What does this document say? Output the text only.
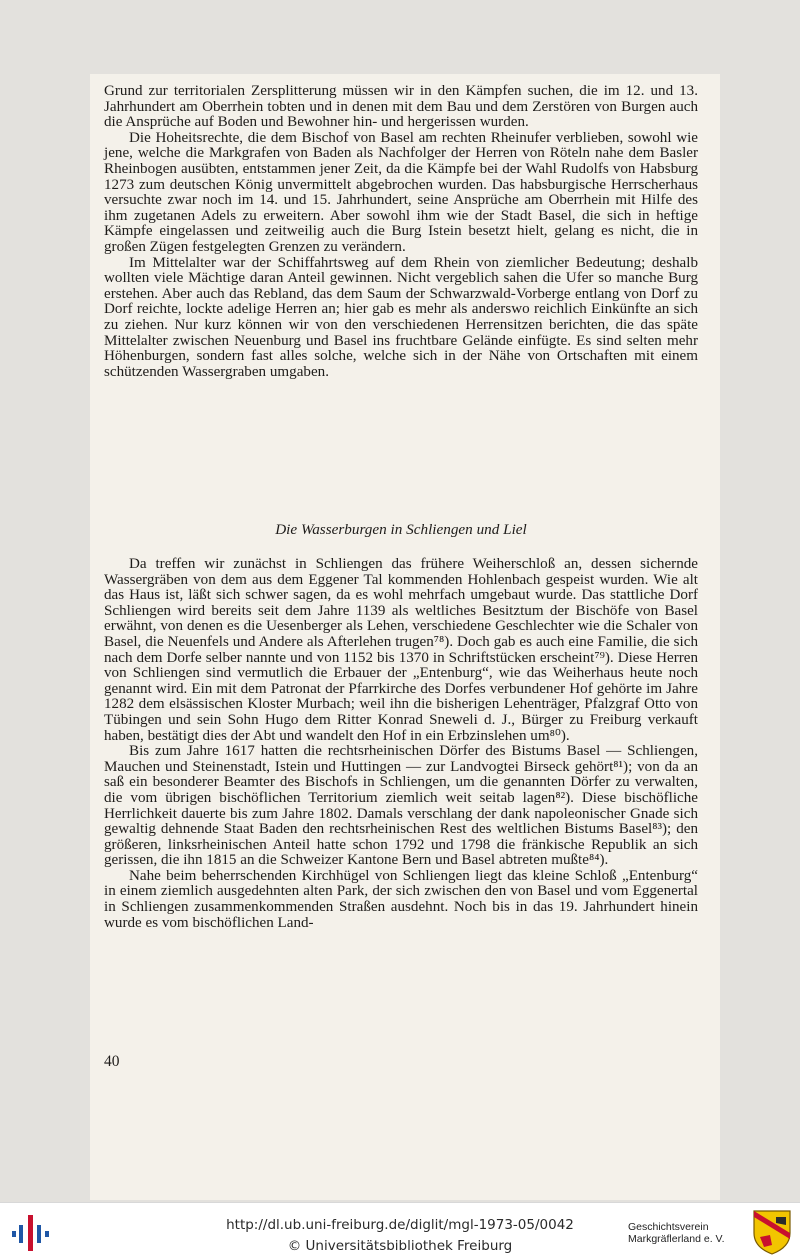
Grund zur territorialen Zersplitterung müssen wir in den Kämpfen suchen, die im 12. und 13. Jahrhundert am Oberrhein tobten und in denen mit dem Bau und dem Zerstören von Burgen auch die Ansprüche auf Boden und Bewohner hin- und hergerissen wurden.

Die Hoheitsrechte, die dem Bischof von Basel am rechten Rheinufer verblieben, sowohl wie jene, welche die Markgrafen von Baden als Nachfolger der Herren von Röteln nahe dem Basler Rheinbogen ausübten, entstammen jener Zeit, da die Kämpfe bei der Wahl Rudolfs von Habsburg 1273 zum deutschen König unvermittelt abgebrochen wurden. Das habsburgische Herrscherhaus versuchte zwar noch im 14. und 15. Jahrhundert, seine Ansprüche am Oberrhein mit Hilfe des ihm zugetanen Adels zu erweitern. Aber sowohl ihm wie der Stadt Basel, die sich in heftige Kämpfe eingelassen und zeitweilig auch die Burg Istein besetzt hielt, gelang es nicht, die in großen Zügen festgelegten Grenzen zu verändern.

Im Mittelalter war der Schiffahrtsweg auf dem Rhein von ziemlicher Bedeutung; deshalb wollten viele Mächtige daran Anteil gewinnen. Nicht vergeblich sahen die Ufer so manche Burg erstehen. Aber auch das Rebland, das dem Saum der Schwarzwald-Vorberge entlang von Dorf zu Dorf reichte, lockte adelige Herren an; hier gab es mehr als anderswo reichlich Einkünfte an sich zu ziehen. Nur kurz können wir von den verschiedenen Herrensitzen berichten, die das späte Mittelalter zwischen Neuenburg und Basel ins fruchtbare Gelände einfügte. Es sind selten mehr Höhenburgen, sondern fast alles solche, welche sich in der Nähe von Ortschaften mit einem schützenden Wassergraben umgaben.

Die Wasserburgen in Schliengen und Liel

Da treffen wir zunächst in Schliengen das frühere Weiherschloß an, dessen sichernde Wassergräben von dem aus dem Eggener Tal kommenden Hohlenbach gespeist wurden. Wie alt das Haus ist, läßt sich schwer sagen, da es wohl mehrfach umgebaut wurde. Das stattliche Dorf Schliengen wird bereits seit dem Jahre 1139 als weltliches Besitztum der Bischöfe von Basel erwähnt, von denen es die Uesenberger als Lehen, verschiedene Geschlechter wie die Schaler von Basel, die Neuenfels und Andere als Afterlehen trugen⁷⁸). Doch gab es auch eine Familie, die sich nach dem Dorfe selber nannte und von 1152 bis 1370 in Schriftstücken erscheint⁷⁹). Diese Herren von Schliengen sind vermutlich die Erbauer der „Entenburg“, wie das Weiherhaus heute noch genannt wird. Ein mit dem Patronat der Pfarrkirche des Dorfes verbundener Hof gehörte im Jahre 1282 dem elsässischen Kloster Murbach; weil ihn die bisherigen Lehenträger, Pfalzgraf Otto von Tübingen und sein Sohn Hugo dem Ritter Konrad Sneweli d. J., Bürger zu Freiburg verkauft haben, bestätigt dies der Abt und wandelt den Hof in ein Erbzinslehen um⁸⁰).

Bis zum Jahre 1617 hatten die rechtsrheinischen Dörfer des Bistums Basel — Schliengen, Mauchen und Steinenstadt, Istein und Huttingen — zur Landvogtei Birseck gehört⁸¹); von da an saß ein besonderer Beamter des Bischofs in Schliengen, um die genannten Dörfer zu verwalten, die vom übrigen bischöflichen Territorium ziemlich weit seitab lagen⁸²). Diese bischöfliche Herrlichkeit dauerte bis zum Jahre 1802. Damals verschlang der dank napoleonischer Gnade sich gewaltig dehnende Staat Baden den rechtsrheinischen Rest des weltlichen Bistums Basel⁸³); den größeren, linksrheinischen Anteil hatte schon 1792 und 1798 die fränkische Republik an sich gerissen, die ihn 1815 an die Schweizer Kantone Bern und Basel abtreten mußte⁸⁴).

Nahe beim beherrschenden Kirchhügel von Schliengen liegt das kleine Schloß „Entenburg“ in einem ziemlich ausgedehnten alten Park, der sich zwischen den von Basel und vom Eggenertal in Schliengen zusammenkommenden Straßen ausdehnt. Noch bis in das 19. Jahrhundert hinein wurde es vom bischöflichen Land-

40
http://dl.ub.uni-freiburg.de/diglit/mgl-1973-05/0042
© Universitätsbibliothek Freiburg
Geschichtsverein
Markgräflerland e. V.
